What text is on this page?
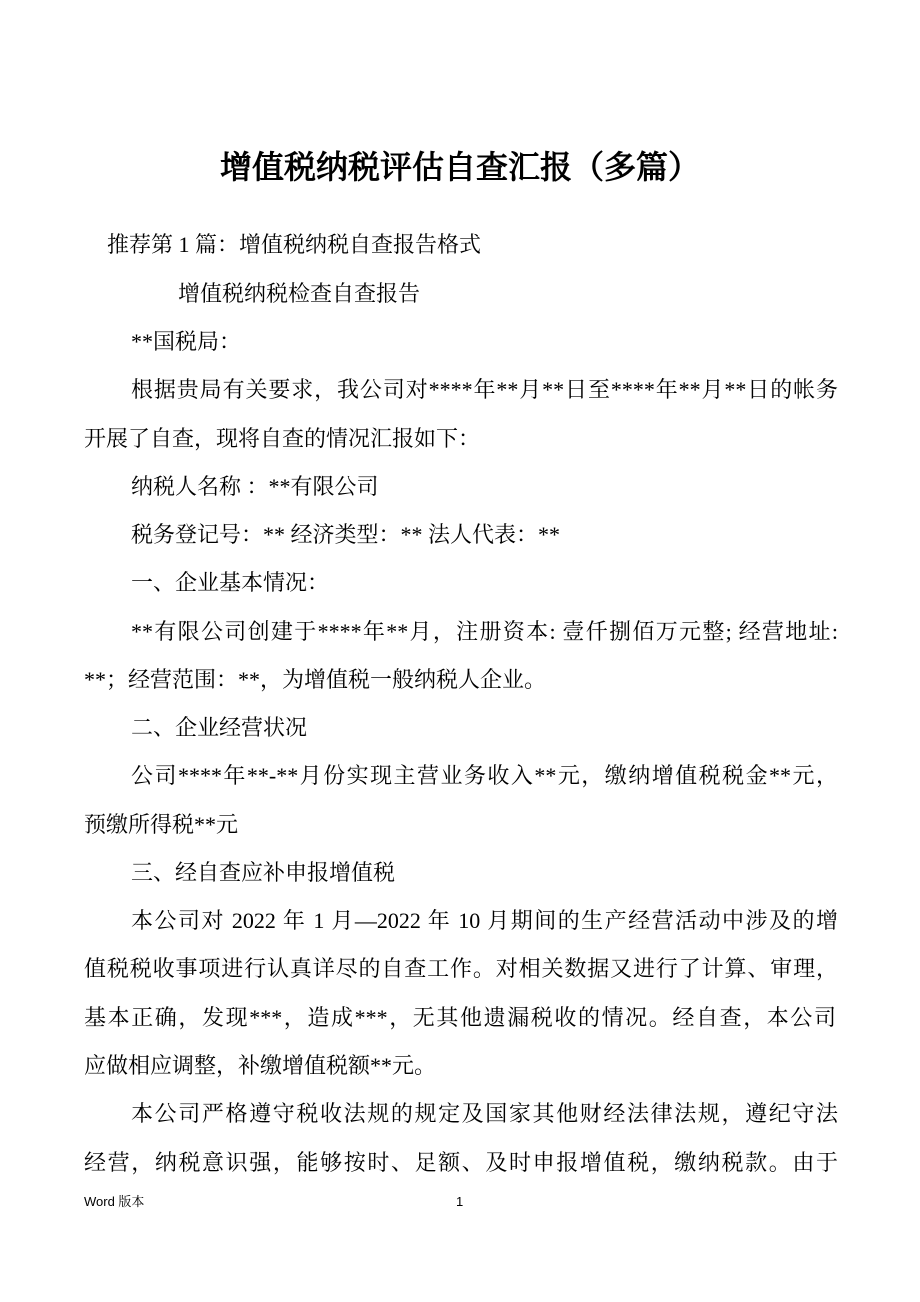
增值税纳税评估自查汇报（多篇）
推荐第 1 篇：增值税纳税自查报告格式
增值税纳税检查自查报告
**国税局：
根据贵局有关要求，我公司对****年**月**日至****年**月**日的帐务
开展了自查，现将自查的情况汇报如下：
纳税人名称 ：**有限公司
税务登记号：** 经济类型：** 法人代表：**
一、企业基本情况：
**有限公司创建于****年**月，注册资本: 壹仟捌佰万元整; 经营地址:
**；经营范围：**，为增值税一般纳税人企业。
二、企业经营状况
公司****年**-**月份实现主营业务收入**元，缴纳增值税税金**元，
预缴所得税**元
三、经自查应补申报增值税
本公司对 2022 年 1 月—2022 年 10 月期间的生产经营活动中涉及的增
值税税收事项进行认真详尽的自查工作。对相关数据又进行了计算、审理，
基本正确，发现***，造成***，无其他遗漏税收的情况。经自查，本公司
应做相应调整，补缴增值税额**元。
本公司严格遵守税收法规的规定及国家其他财经法律法规，遵纪守法
经营，纳税意识强，能够按时、足额、及时申报增值税，缴纳税款。由于
Word 版本	1
